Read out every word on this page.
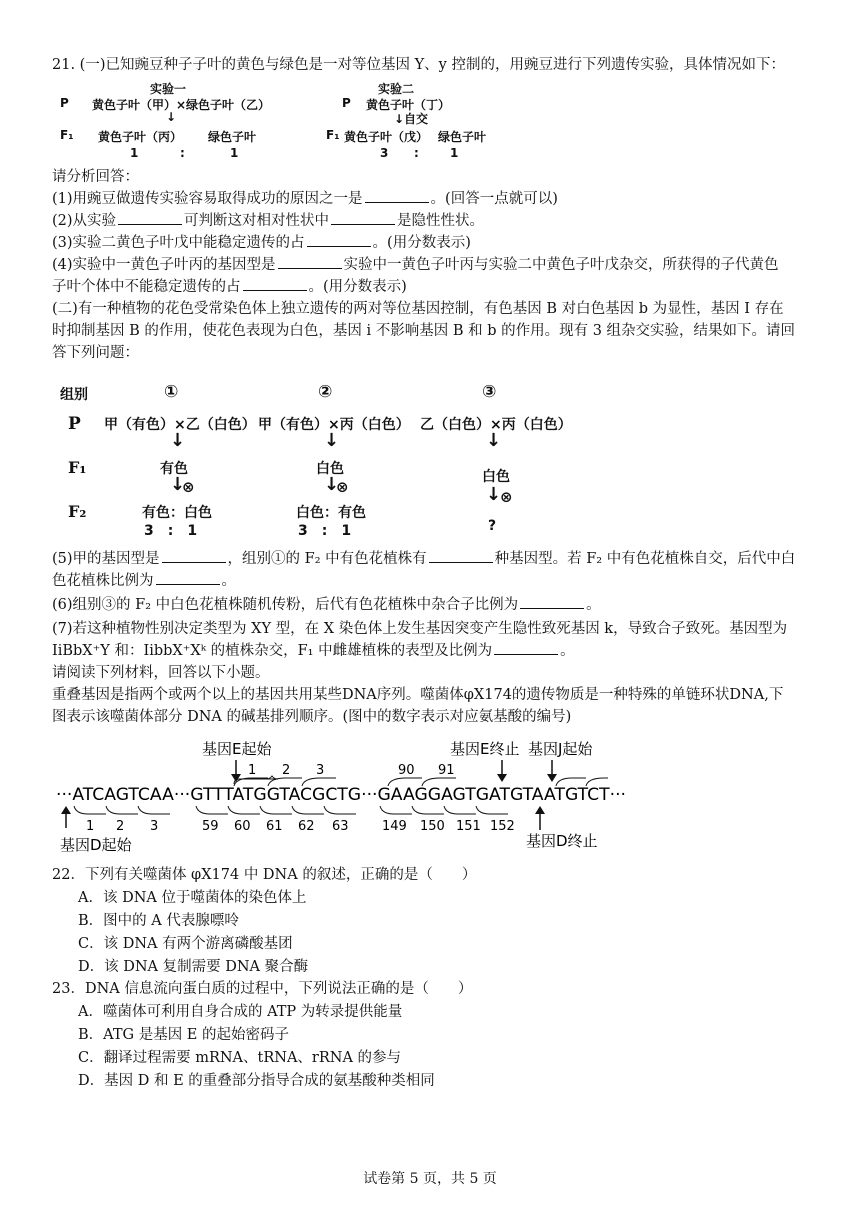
21. (一)已知豌豆种子子叶的黄色与绿色是一对等位基因 Y、y 控制的，用豌豆进行下列遗传实验，具体情况如下：
实验一
P 黄色子叶（甲）×绿色子叶（乙）
↓
F₁ 黄色子叶（丙） 绿色子叶
1	:	1
实验二
P 黄色子叶（丁）
↓自交
F₁ 黄色子叶（戊） 绿色子叶
3 :	1
请分析回答：
(1)用豌豆做遗传实验容易取得成功的原因之一是	。(回答一点就可以)
(2)从实验	可判断这对相对性状中	是隐性性状。
(3)实验二黄色子叶戊中能稳定遗传的占	。(用分数表示)
(4)实验中一黄色子叶丙的基因型是	实验中一黄色子叶丙与实验二中黄色子叶戊杂交，所获得的子代黄色
子叶个体中不能稳定遗传的占	。(用分数表示)
(二)有一种植物的花色受常染色体上独立遗传的两对等位基因控制，有色基因 B 对白色基因 b 为显性，基因 I 存在
时抑制基因 B 的作用，使花色表现为白色，基因 i 不影响基因 B 和 b 的作用。现有 3 组杂交实验，结果如下。请回
答下列问题：
组别	①	②	③
P 甲（有色）×乙（白色） 甲（有色）×丙（白色） 乙（白色）×丙（白色）
↓	↓	↓
F₁	有色	白色	白色
↓
⊗	↓
⊗	↓
⊗
F₂	有色：白色	白色：有色
3　:　1	3　:　1	?
(5)甲的基因型是	，组别①的 F₂ 中有色花植株有	种基因型。若 F₂ 中有色花植株自交，后代中白
色花植株比例为	。
(6)组别③的 F₂ 中白色花植株随机传粉，后代有色花植株中杂合子比例为	。
(7)若这种植物性别决定类型为 XY 型，在 X 染色体上发生基因突变产生隐性致死基因 k，导致合子致死。基因型为
IiBbX⁺Y 和：IibbX⁺Xᵏ 的植株杂交，F₁ 中雌雄植株的表型及比例为	。
请阅读下列材料，回答以下小题。
重叠基因是指两个或两个以上的基因共用某些DNA序列。噬菌体φX174的遗传物质是一种特殊的单链环状DNA,下
图表示该噬菌体部分 DNA 的碱基排列顺序。(图中的数字表示对应氨基酸的编号)
基因E起始	基因E终止 基因J起始
1 2 3	90 91
···ATCAGTCAA···GTTTATGGTACGCTG···GAAGGAGTGATGTAATGTCT···
1 2 3	59 60 61 62 63	149 150 151 152
基因D起始	基因D终止
22．下列有关噬菌体 φX174 中 DNA 的叙述，正确的是（　　）
A．该 DNA 位于噬菌体的染色体上
B．图中的 A 代表腺嘌呤
C．该 DNA 有两个游离磷酸基团
D．该 DNA 复制需要 DNA 聚合酶
23．DNA 信息流向蛋白质的过程中，下列说法正确的是（　　）
A．噬菌体可利用自身合成的 ATP 为转录提供能量
B．ATG 是基因 E 的起始密码子
C．翻译过程需要 mRNA、tRNA、rRNA 的参与
D．基因 D 和 E 的重叠部分指导合成的氨基酸种类相同
试卷第 5 页，共 5 页
